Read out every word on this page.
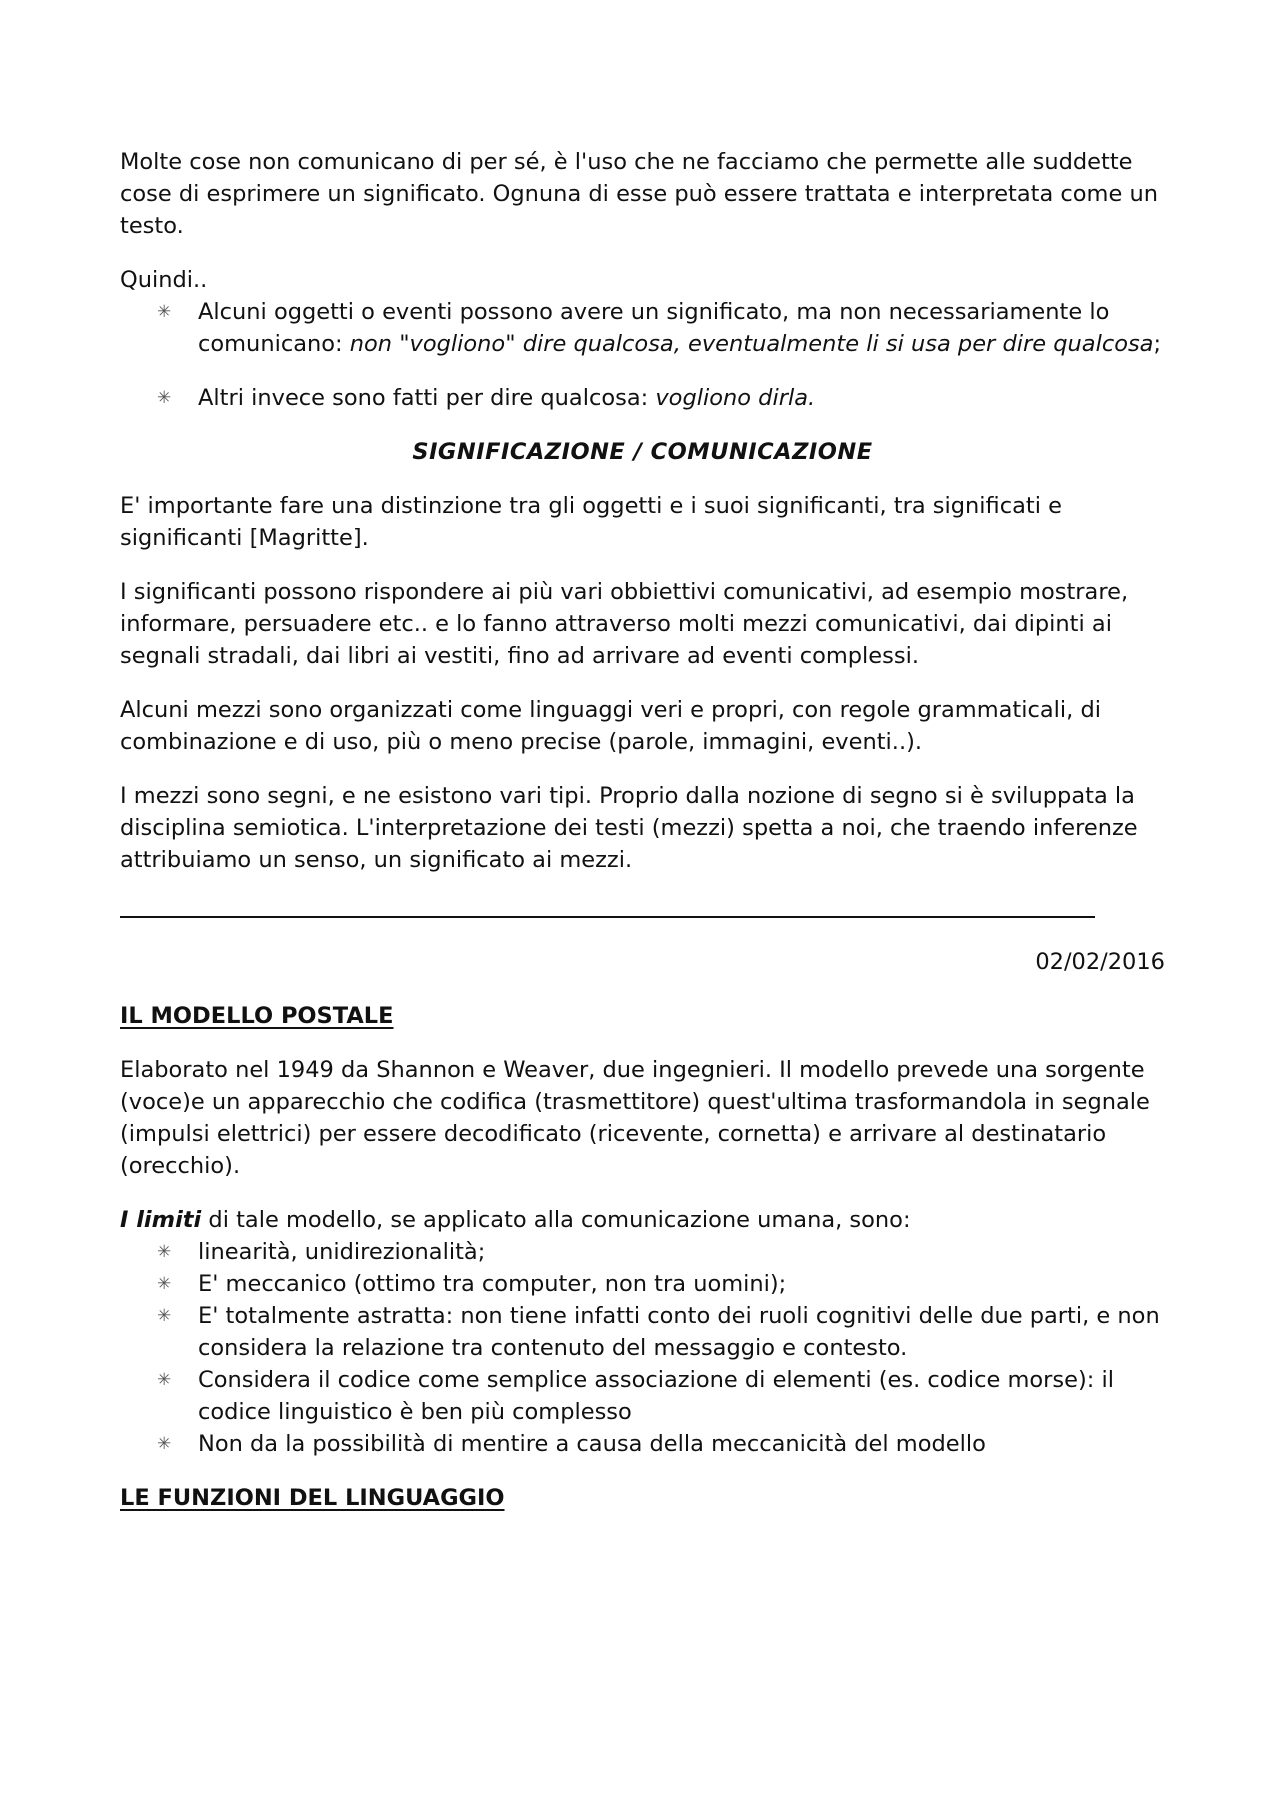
Molte cose non comunicano di per sé, è l'uso che ne facciamo che permette alle suddette cose di esprimere un significato. Ognuna di esse può essere trattata e interpretata come un testo.

Quindi..

✳ Alcuni oggetti o eventi possono avere un significato, ma non necessariamente lo comunicano: non "vogliono" dire qualcosa, eventualmente li si usa per dire qualcosa;
✳ Altri invece sono fatti per dire qualcosa: vogliono dirla.

SIGNIFICAZIONE / COMUNICAZIONE

E' importante fare una distinzione tra gli oggetti e i suoi significanti, tra significati e significanti [Magritte].

I significanti possono rispondere ai più vari obbiettivi comunicativi, ad esempio mostrare, informare, persuadere etc.. e lo fanno attraverso molti mezzi comunicativi, dai dipinti ai segnali stradali, dai libri ai vestiti, fino ad arrivare ad eventi complessi.

Alcuni mezzi sono organizzati come linguaggi veri e propri, con regole grammaticali, di combinazione e di uso, più o meno precise (parole, immagini, eventi..).

I mezzi sono segni, e ne esistono vari tipi. Proprio dalla nozione di segno si è sviluppata la disciplina semiotica. L'interpretazione dei testi (mezzi) spetta a noi, che traendo inferenze attribuiamo un senso, un significato ai mezzi.

02/02/2016

IL MODELLO POSTALE

Elaborato nel 1949 da Shannon e Weaver, due ingegnieri. Il modello prevede una sorgente (voce)e un apparecchio che codifica (trasmettitore) quest'ultima trasformandola in segnale (impulsi elettrici) per essere decodificato (ricevente, cornetta) e arrivare al destinatario (orecchio).

I limiti di tale modello, se applicato alla comunicazione umana, sono:

✳ linearità, unidirezionalità;
✳ E' meccanico (ottimo tra computer, non tra uomini);
✳ E' totalmente astratta: non tiene infatti conto dei ruoli cognitivi delle due parti, e non considera la relazione tra contenuto del messaggio e contesto.
✳ Considera il codice come semplice associazione di elementi (es. codice morse): il codice linguistico è ben più complesso
✳ Non da la possibilità di mentire a causa della meccanicità del modello

LE FUNZIONI DEL LINGUAGGIO
